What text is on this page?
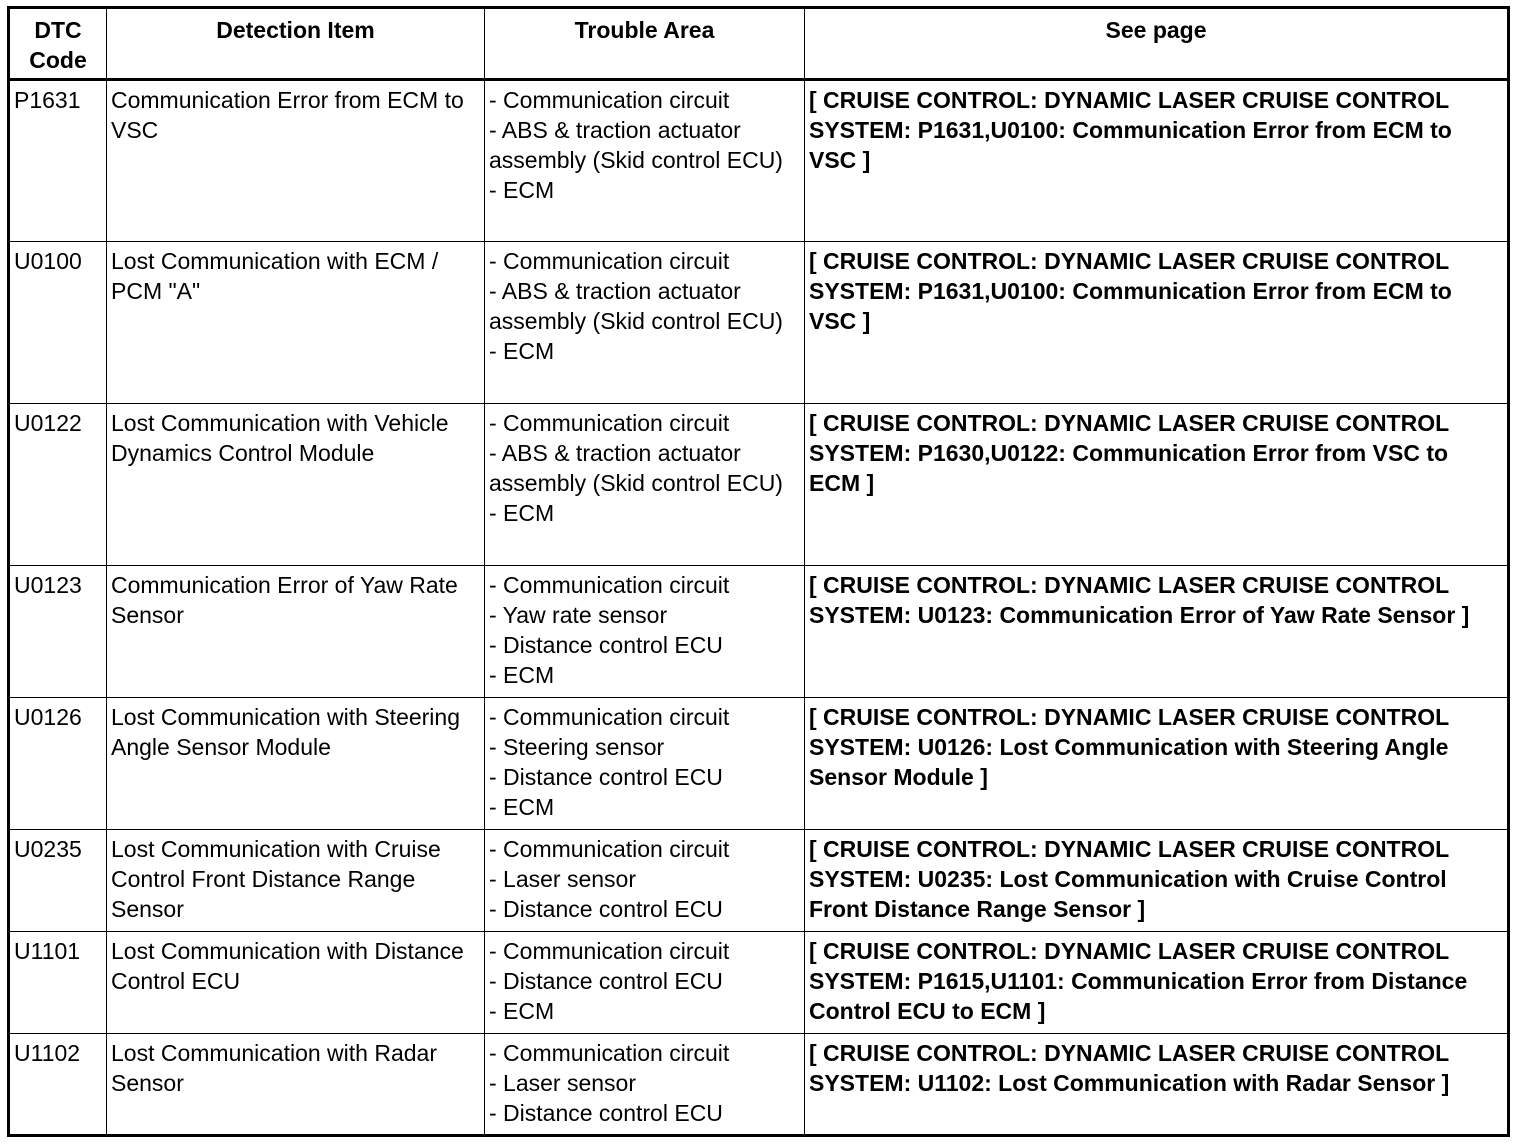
DTC Code	Detection Item	Trouble Area	See page
P1631	Communication Error from ECM to VSC	- Communication circuit
- ABS & traction actuator assembly (Skid control ECU)
- ECM	[ CRUISE CONTROL: DYNAMIC LASER CRUISE CONTROL SYSTEM: P1631,U0100: Communication Error from ECM to VSC ]
U0100	Lost Communication with ECM / PCM "A"	- Communication circuit
- ABS & traction actuator assembly (Skid control ECU)
- ECM	[ CRUISE CONTROL: DYNAMIC LASER CRUISE CONTROL SYSTEM: P1631,U0100: Communication Error from ECM to VSC ]
U0122	Lost Communication with Vehicle Dynamics Control Module	- Communication circuit
- ABS & traction actuator assembly (Skid control ECU)
- ECM	[ CRUISE CONTROL: DYNAMIC LASER CRUISE CONTROL SYSTEM: P1630,U0122: Communication Error from VSC to ECM ]
U0123	Communication Error of Yaw Rate Sensor	- Communication circuit
- Yaw rate sensor
- Distance control ECU
- ECM	[ CRUISE CONTROL: DYNAMIC LASER CRUISE CONTROL SYSTEM: U0123: Communication Error of Yaw Rate Sensor ]
U0126	Lost Communication with Steering Angle Sensor Module	- Communication circuit
- Steering sensor
- Distance control ECU
- ECM	[ CRUISE CONTROL: DYNAMIC LASER CRUISE CONTROL SYSTEM: U0126: Lost Communication with Steering Angle Sensor Module ]
U0235	Lost Communication with Cruise Control Front Distance Range Sensor	- Communication circuit
- Laser sensor
- Distance control ECU	[ CRUISE CONTROL: DYNAMIC LASER CRUISE CONTROL SYSTEM: U0235: Lost Communication with Cruise Control Front Distance Range Sensor ]
U1101	Lost Communication with Distance Control ECU	- Communication circuit
- Distance control ECU
- ECM	[ CRUISE CONTROL: DYNAMIC LASER CRUISE CONTROL SYSTEM: P1615,U1101: Communication Error from Distance Control ECU to ECM ]
U1102	Lost Communication with Radar Sensor	- Communication circuit
- Laser sensor
- Distance control ECU	[ CRUISE CONTROL: DYNAMIC LASER CRUISE CONTROL SYSTEM: U1102: Lost Communication with Radar Sensor ]
